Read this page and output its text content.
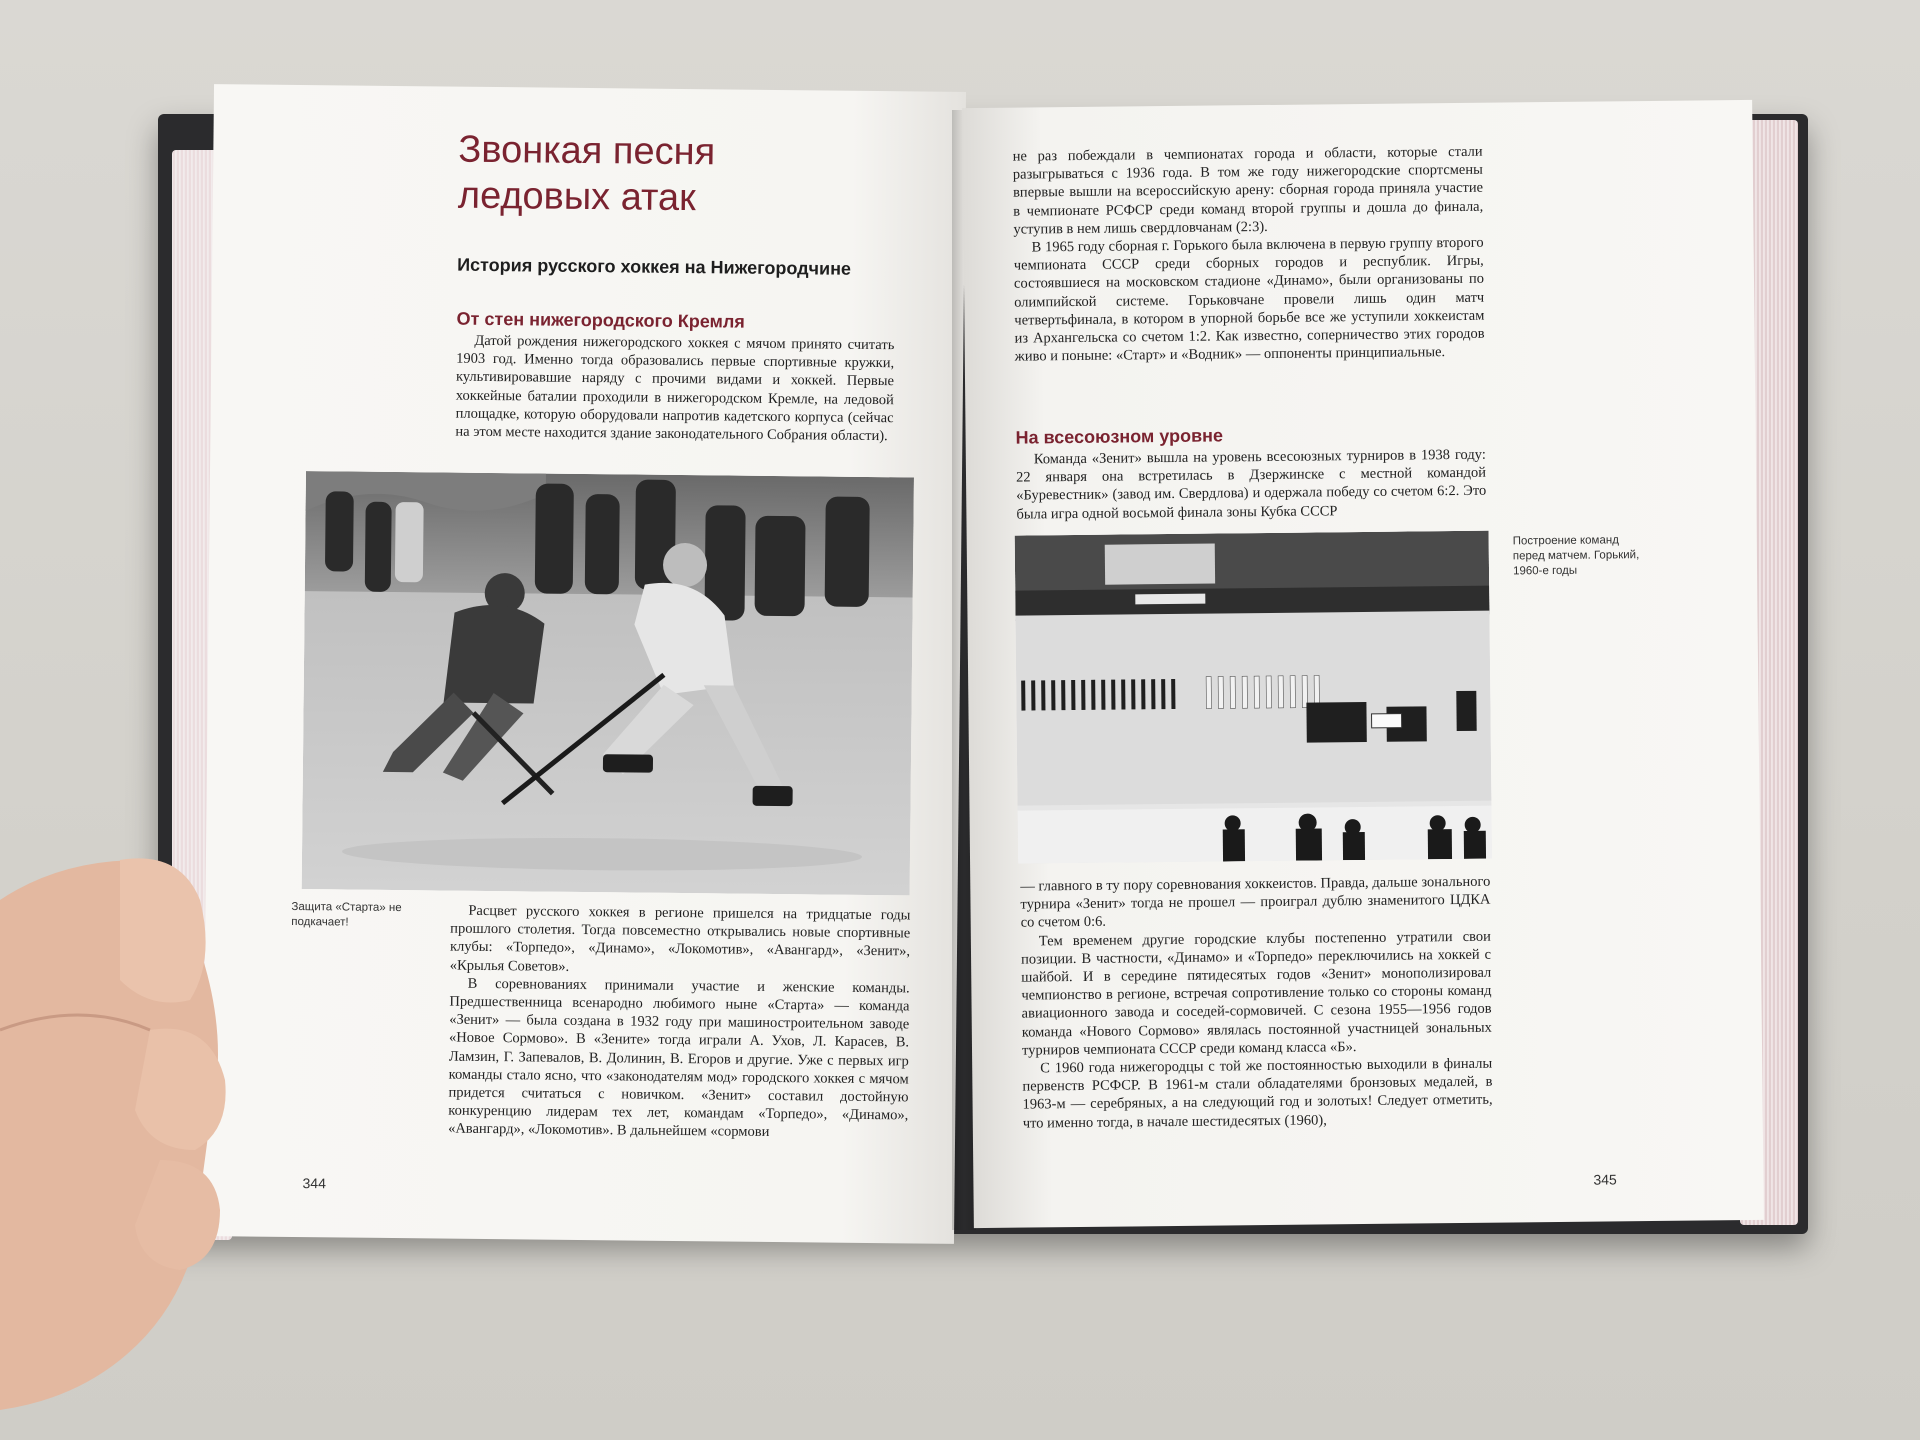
Звонкая песня ледовых атак
История русского хоккея на Нижегородчине
От стен нижегородского Кремля

Датой рождения нижегородского хоккея с мячом принято считать 1903 год. Именно тогда образовались первые спортивные кружки, культивировавшие наряду с прочими видами и хоккей. Первые хоккейные баталии проходили в нижегородском Кремле, на ледовой площадке, которую оборудовали напротив кадетского корпуса (сейчас на этом месте находится здание законодательного Собрания области).

Защита «Старта» не подкачает!	Расцвет русского хоккея в регионе пришелся на тридцатые годы прошлого столетия. Тогда повсеместно открывались новые спортивные клубы: «Торпедо», «Динамо», «Локомотив», «Авангард», «Зенит», «Крылья Советов».

В соревнованиях принимали участие и женские команды. Предшественница всенародно любимого ныне «Старта» — команда «Зенит» — была создана в 1932 году при машиностроительном заводе «Новое Сормово». В «Зените» тогда играли А. Ухов, Л. Карасев, В. Ламзин, Г. Запевалов, В. Долинин, В. Егоров и другие. Уже с первых игр команды стало ясно, что «законодателям мод» городского хоккея с мячом придется считаться с новичком. «Зенит» составил достойную конкуренцию лидерам тех лет, командам «Торпедо», «Динамо», «Авангард», «Локомотив». В дальнейшем «сормови

344

не раз побеждали в чемпионатах города и области, которые стали разыгрываться с 1936 года. В том же году нижегородские спортсмены впервые вышли на всероссийскую арену: сборная города приняла участие в чемпионате РСФСР среди команд второй группы и дошла до финала, уступив в нем лишь свердловчанам (2:3).

В 1965 году сборная г. Горького была включена в первую группу второго чемпионата СССР среди сборных городов и республик. Игры, состоявшиеся на московском стадионе «Динамо», были организованы по олимпийской системе. Горьковчане провели лишь один матч четвертьфинала, в котором в упорной борьбе все же уступили хоккеистам из Архангельска со счетом 1:2. Как известно, соперничество этих городов живо и поныне: «Старт» и «Водник» — оппоненты принципиальные.

На всесоюзном уровне

Команда «Зенит» вышла на уровень всесоюзных турниров в 1938 году: 22 января она встретилась в Дзержинске с местной командой «Буревестник» (завод им. Свердлова) и одержала победу со счетом 6:2. Это была игра одной восьмой финала зоны Кубка СССР

Построение команд перед матчем. Горький, 1960-е годы

— главного в ту пору соревнования хоккеистов. Правда, дальше зонального турнира «Зенит» тогда не прошел — проиграл дублю знаменитого ЦДКА со счетом 0:6.

Тем временем другие городские клубы постепенно утратили свои позиции. В частности, «Динамо» и «Торпедо» переключились на хоккей с шайбой. И в середине пятидесятых годов «Зенит» монополизировал чемпионство в регионе, встречая сопротивление только со стороны команд авиационного завода и соседей-сормовичей. С сезона 1955—1956 годов команда «Нового Сормово» являлась постоянной участницей зональных турниров чемпионата СССР среди команд класса «Б».

С 1960 года нижегородцы с той же постоянностью выходили в финалы первенств РСФСР. В 1961-м стали обладателями бронзовых медалей, в 1963-м — серебряных, а на следующий год и золотых! Следует отметить, что именно тогда, в начале шестидесятых (1960),

345
